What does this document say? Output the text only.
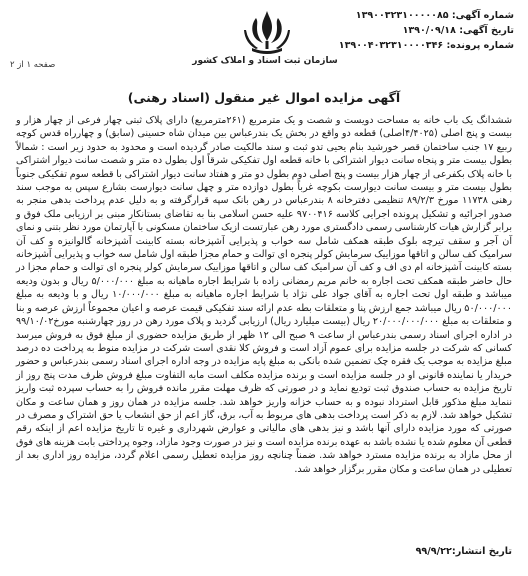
شماره آگهی: ۱۳۹۰۰۳۲۳۱۰۰۰۰۰۸۵
تاریخ آگهی: ۱۳۹۰/۰۹/۱۸
شماره پرونده: ۱۳۹۰۰۴۰۳۲۳۱۰۰۰۰۳۴۶
سازمان ثبت اسناد و املاک کشور
صفحه ۱ از ۲
آگهی مزایده اموال غیر منقول (اسناد رهنی)
ششدانگ یک باب خانه به مساحت دویست و شصت و یک مترمربع (۲۶۱مترمربع) دارای پلاک ثبتی چهار فرعی از چهار هزار و بیست و پنج اصلی (۴/۴۰۲۵اصلی) قطعه دو واقع در بخش یک بندرعباس بین میدان شاه حسینی (سابق) و چهارراه قدس کوچه ربیع ۱۷ جنب ساختمان قصر خورشید بنام یحیی تدو ثبت و سند مالکیت صادر گردیده است و محدود به حدود زیر است : شمالاً بطول بیست متر و پنجاه سانت دیوار اشتراکی با خانه قطعه اول تفکیکی شرقاً اول بطول ده متر و شصت سانت دیوار اشتراکی با خانه پلاک بکفرعی از چهار هزار بیست و پنج اصلی دوم بطول دو متر و هفتاد سانت دیوار اشتراکی با قطعه سوم تفکیکی جنوباً بطول بیست متر و بیست سانت دیوارست بکوچه غرباً بطول دوازده متر و چهل سانت دیوارست بشارع سپس به موجب سند رهنی ۱۱۷۳۸ مورخ ۸۹/۲/۳ تنظیمی دفترخانه ۸ بندرعباس در رهن بانک سپه قرارگرفته و به دلیل عدم پرداخت بدهی منجر به صدور اجرائیه و تشکیل پرونده اجرایی کلاسه ۹۷۰۰۴۱۶ علیه حسن اسلامی بنا به تقاضای بستانکار مبنی بر ارزیابی ملک فوق و برابر گزارش هیات کارشناسی رسمی دادگستری مورد رهن عبارتست ازیک ساختمان مسکونی با آپارتمان مورد نظر بتنی و نمای آن آجر و سقف تیرچه بلوک طبقه همکف شامل سه خواب و پذیرایی آشپزخانه بسته کابینت آشپزخانه گالوانیزه و کف آن سرامیک کف سالن و اتاقها موزاییک سرمایش کولر پنجره ای توالت و حمام مجزا طبقه اول شامل سه خواب و پذیرایی آشپزخانه بسته کابینت آشپزخانه ام دی اف و کف آن سرامیک کف سالن و اتاقها موزاییک سرمایش کولر پنجره ای توالت و حمام مجزا در حال حاضر طبقه همکف تحت اجاره به خانم مریم رمضانی زاده با شرایط اجاره ماهیانه به مبلغ ۵/۰۰۰/۰۰۰ ریال و بدون ودیعه میباشد و طبقه اول تحت اجاره به آقای جواد علی نژاد با شرایط اجاره ماهیانه به مبلغ ۱۰/۰۰۰/۰۰۰ ریال و با ودیعه به مبلغ ۵۰/۰۰۰/۰۰۰ ریال میباشد جمع ارزش پنا و متعلقات بطه عدم ارائه سند تفکیکی قیمت عرصه و اعیان مجموعاً ارزش عرصه و بنا و متعلقات به مبلغ ۲۰/۰۰۰/۰۰۰/۰۰۰ ریال (بیست میلیارد ریال) ارزیابی گردید و پلاک مورد رهن در روز چهارشنبه مورخ۹۹/۱۰/۰۲ در اداره اجرای اسناد رسمی بندرعباس از ساعت ۹ صبح الی ۱۲ ظهر از طریق مزایده حضوری از مبلغ فوق به فروش میرسد کسانی که شرکت در جلسه مزایده برای عموم آزاد است و فروش کلا نقدی است شرکت در مزایده منوط به پرداخت ده درصد مبلغ مزایده به موجب یک فقره چک تضمین شده بانکی به مبلغ پایه مزایده در وجه اداره اجرای اسناد رسمی بندرعباس و حضور خریدار یا نماینده قانونی او در جلسه مزایده است و برنده مزایده مکلف است مابه التفاوت مبلغ فروش ظرف مدت پنج روز از تاریخ مزایده به حساب صندوق ثبت تودیع نماید و در صورتی که ظرف مهلت مقرر مانده فروش را به حساب سپرده ثبت واریز ننماید مبلغ مذکور قابل استرداد نبوده و به حساب خزانه واریز خواهد شد. جلسه مزایده در همان روز و همان ساعت و مکان تشکیل خواهد شد. لازم به ذکر است پرداخت بدهی های مربوط به آب، برق، گاز اعم از حق انشعاب یا حق اشتراک و مصرف در صورتی که مورد مزایده دارای آنها باشد و نیز بدهی های مالیاتی و عوارض شهرداری و غیره تا تاریخ مزایده اعم از اینکه رقم قطعی آن معلوم شده یا نشده باشد به عهده برنده مزایده است و نیز در صورت وجود مازاد، وجوه پرداختی بابت هزینه های فوق از محل مازاد به برنده مزایده مسترد خواهد شد. ضمناً چنانچه روز مزایده تعطیل رسمی اعلام گردد، مزایده روز اداری بعد از تعطیلی در همان ساعت و مکان مقرر برگزار خواهد شد.
تاریخ انتشار:۹۹/۹/۲۲
